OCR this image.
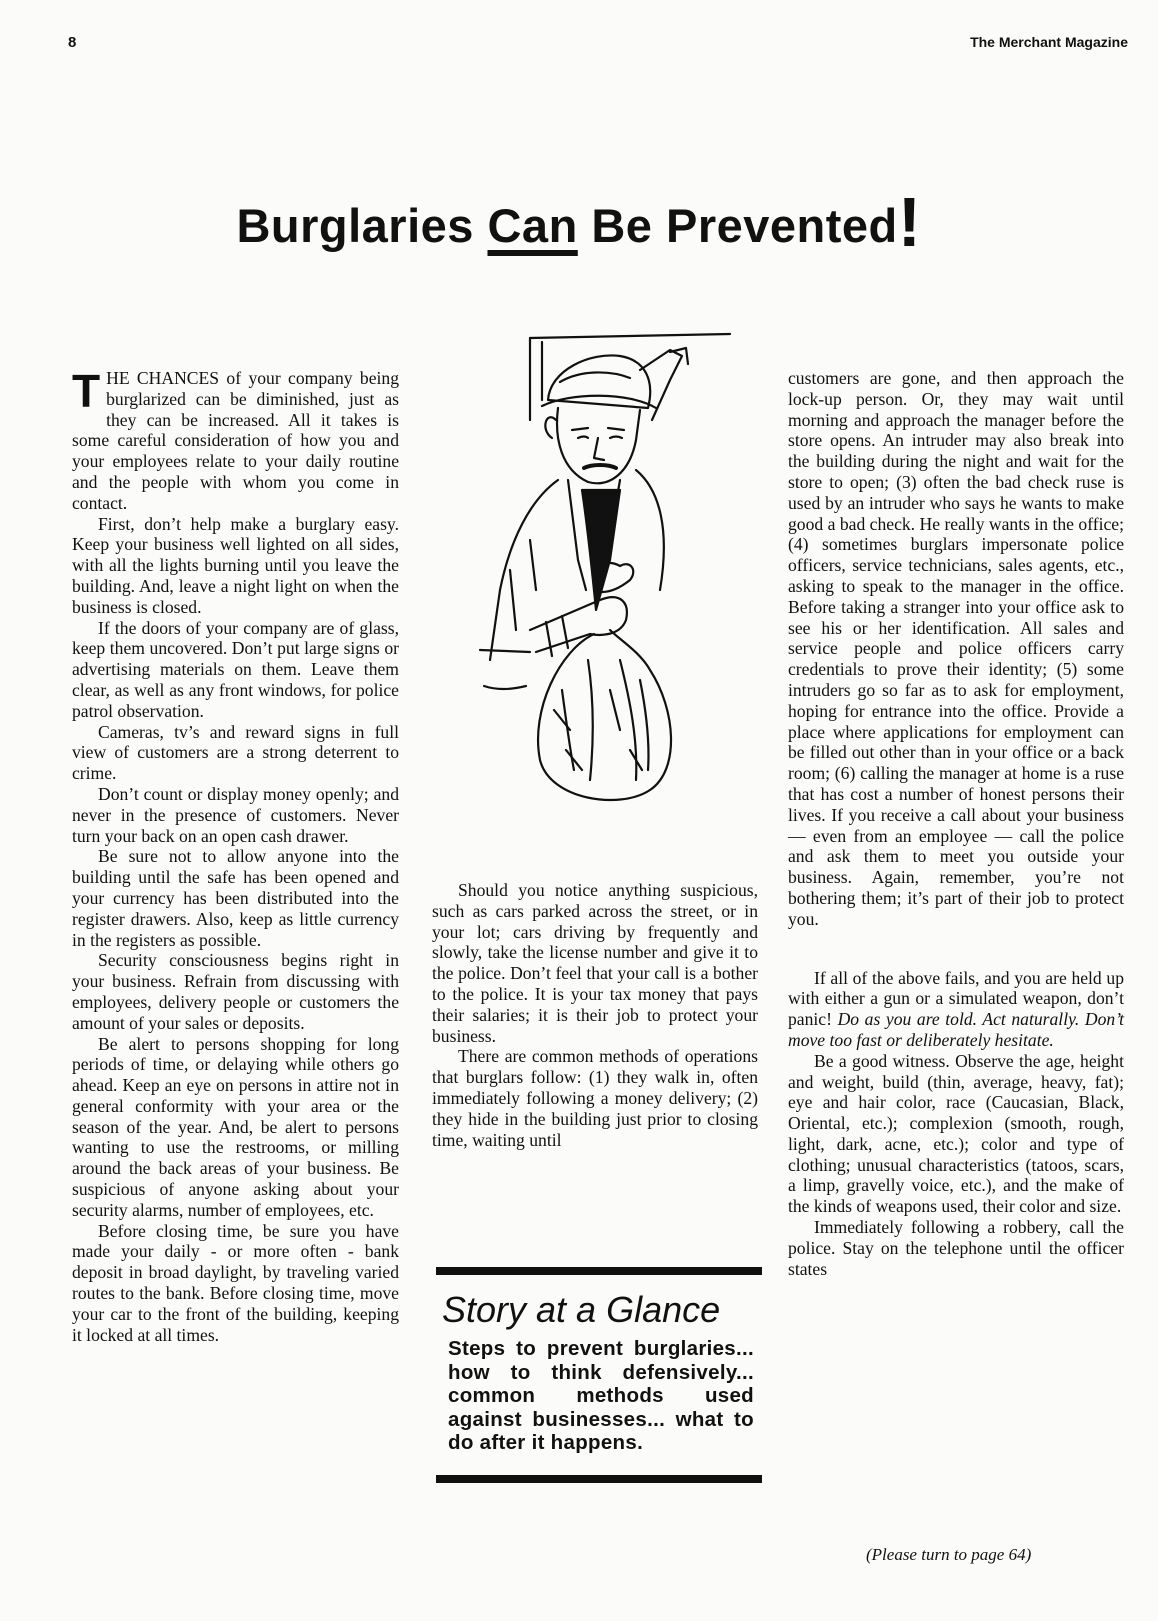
8	The Merchant Magazine
Burglaries Can Be Prevented!

THE CHANCES of your company being burglarized can be diminished, just as they can be increased. All it takes is some careful consideration of how you and your employees relate to your daily routine and the people with whom you come in contact.

First, don’t help make a burglary easy. Keep your business well lighted on all sides, with all the lights burning until you leave the building. And, leave a night light on when the business is closed.

If the doors of your company are of glass, keep them uncovered. Don’t put large signs or advertising materials on them. Leave them clear, as well as any front windows, for police patrol observation.

Cameras, tv’s and reward signs in full view of customers are a strong deterrent to crime.

Don’t count or display money openly; and never in the presence of customers. Never turn your back on an open cash drawer.

Be sure not to allow anyone into the building until the safe has been opened and your currency has been distributed into the register drawers. Also, keep as little currency in the registers as possible.

Security consciousness begins right in your business. Refrain from discussing with employees, delivery people or customers the amount of your sales or deposits.

Be alert to persons shopping for long periods of time, or delaying while others go ahead. Keep an eye on persons in attire not in general conformity with your area or the season of the year. And, be alert to persons wanting to use the restrooms, or milling around the back areas of your business. Be suspicious of anyone asking about your security alarms, number of employees, etc.

Before closing time, be sure you have made your daily - or more often - bank deposit in broad daylight, by traveling varied routes to the bank. Before closing time, move your car to the front of the building, keeping it locked at all times.

Should you notice anything suspicious, such as cars parked across the street, or in your lot; cars driving by frequently and slowly, take the license number and give it to the police. Don’t feel that your call is a bother to the police. It is your tax money that pays their salaries; it is their job to protect your business.

There are common methods of operations that burglars follow: (1) they walk in, often immediately following a money delivery; (2) they hide in the building just prior to closing time, waiting until

Story at a Glance
Steps to prevent burglaries... how to think defensively... common methods used against businesses... what to do after it happens.

customers are gone, and then approach the lock-up person. Or, they may wait until morning and approach the manager before the store opens. An intruder may also break into the building during the night and wait for the store to open; (3) often the bad check ruse is used by an intruder who says he wants to make good a bad check. He really wants in the office; (4) sometimes burglars impersonate police officers, service technicians, sales agents, etc., asking to speak to the manager in the office. Before taking a stranger into your office ask to see his or her identification. All sales and service people and police officers carry credentials to prove their identity; (5) some intruders go so far as to ask for employment, hoping for entrance into the office. Provide a place where applications for employment can be filled out other than in your office or a back room; (6) calling the manager at home is a ruse that has cost a number of honest persons their lives. If you receive a call about your business — even from an employee — call the police and ask them to meet you outside your business. Again, remember, you’re not bothering them; it’s part of their job to protect you.

If all of the above fails, and you are held up with either a gun or a simulated weapon, don’t panic! Do as you are told. Act naturally. Don’t move too fast or deliberately hesitate.

Be a good witness. Observe the age, height and weight, build (thin, average, heavy, fat); eye and hair color, race (Caucasian, Black, Oriental, etc.); complexion (smooth, rough, light, dark, acne, etc.); color and type of clothing; unusual characteristics (tatoos, scars, a limp, gravelly voice, etc.), and the make of the kinds of weapons used, their color and size.

Immediately following a robbery, call the police. Stay on the telephone until the officer states

(Please turn to page 64)
